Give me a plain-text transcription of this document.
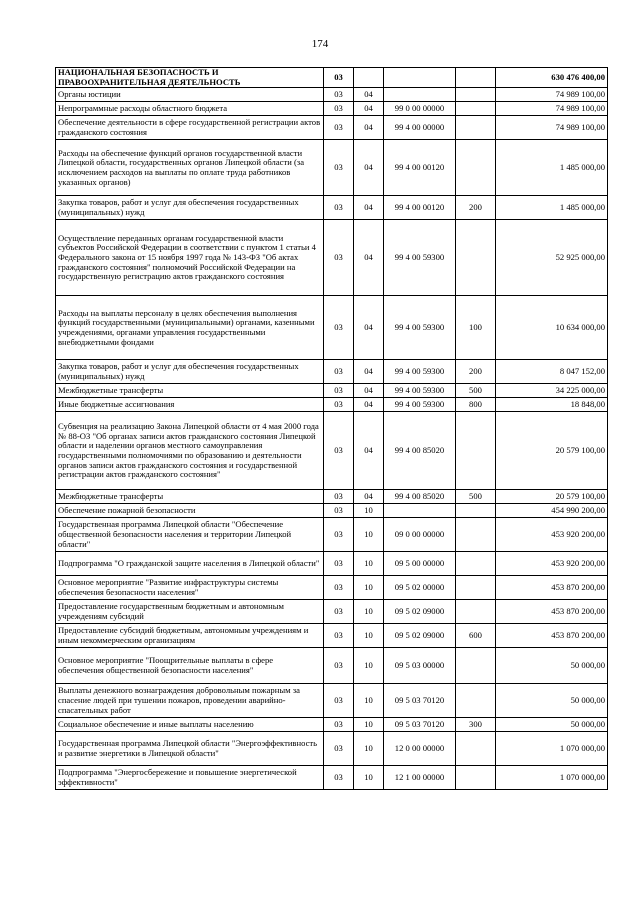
174
НАЦИОНАЛЬНАЯ БЕЗОПАСНОСТЬ И ПРАВООХРАНИТЕЛЬНАЯ ДЕЯТЕЛЬНОСТЬ	03				630 476 400,00
Органы юстиции	03	04			74 989 100,00
Непрограммные расходы областного бюджета	03	04	99 0 00 00000		74 989 100,00
Обеспечение деятельности в сфере государственной регистрации актов гражданского состояния	03	04	99 4 00 00000		74 989 100,00
Расходы на обеспечение функций органов государственной власти Липецкой области, государственных органов Липецкой области (за исключением расходов на выплаты по оплате труда работников указанных органов)	03	04	99 4 00 00120		1 485 000,00
Закупка товаров, работ и услуг для обеспечения государственных (муниципальных) нужд	03	04	99 4 00 00120	200	1 485 000,00
Осуществление переданных органам государственной власти субъектов Российской Федерации в соответствии с пунктом 1 статьи 4 Федерального закона от 15 ноября 1997 года № 143-ФЗ "Об актах гражданского состояния" полномочий Российской Федерации на государственную регистрацию актов гражданского состояния	03	04	99 4 00 59300		52 925 000,00
Расходы на выплаты персоналу в целях обеспечения выполнения функций государственными (муниципальными) органами, казенными учреждениями, органами управления государственными внебюджетными фондами	03	04	99 4 00 59300	100	10 634 000,00
Закупка товаров, работ и услуг для обеспечения государственных (муниципальных) нужд	03	04	99 4 00 59300	200	8 047 152,00
Межбюджетные трансферты	03	04	99 4 00 59300	500	34 225 000,00
Иные бюджетные ассигнования	03	04	99 4 00 59300	800	18 848,00
Субвенция на реализацию Закона Липецкой области от 4 мая 2000 года № 88-ОЗ "Об органах записи актов гражданского состояния Липецкой области и наделении органов местного самоуправления государственными полномочиями по образованию и деятельности органов записи актов гражданского состояния и государственной регистрации актов гражданского состояния"	03	04	99 4 00 85020		20 579 100,00
Межбюджетные трансферты	03	04	99 4 00 85020	500	20 579 100,00
Обеспечение пожарной безопасности	03	10			454 990 200,00
Государственная программа Липецкой области "Обеспечение общественной безопасности населения и территории Липецкой области"	03	10	09 0 00 00000		453 920 200,00
Подпрограмма "О гражданской защите населения в Липецкой области"	03	10	09 5 00 00000		453 920 200,00
Основное мероприятие "Развитие инфраструктуры системы обеспечения безопасности населения"	03	10	09 5 02 00000		453 870 200,00
Предоставление государственным бюджетным и автономным учреждениям субсидий	03	10	09 5 02 09000		453 870 200,00
Предоставление субсидий бюджетным, автономным учреждениям и иным некоммерческим организациям	03	10	09 5 02 09000	600	453 870 200,00
Основное мероприятие "Поощрительные выплаты в сфере обеспечения общественной безопасности населения"	03	10	09 5 03 00000		50 000,00
Выплаты денежного вознаграждения добровольным пожарным за спасение людей при тушении пожаров, проведении аварийно-спасательных работ	03	10	09 5 03 70120		50 000,00
Социальное обеспечение и иные выплаты населению	03	10	09 5 03 70120	300	50 000,00
Государственная программа Липецкой области "Энергоэффективность и развитие энергетики в Липецкой области"	03	10	12 0 00 00000		1 070 000,00
Подпрограмма "Энергосбережение и повышение энергетической эффективности"	03	10	12 1 00 00000		1 070 000,00
